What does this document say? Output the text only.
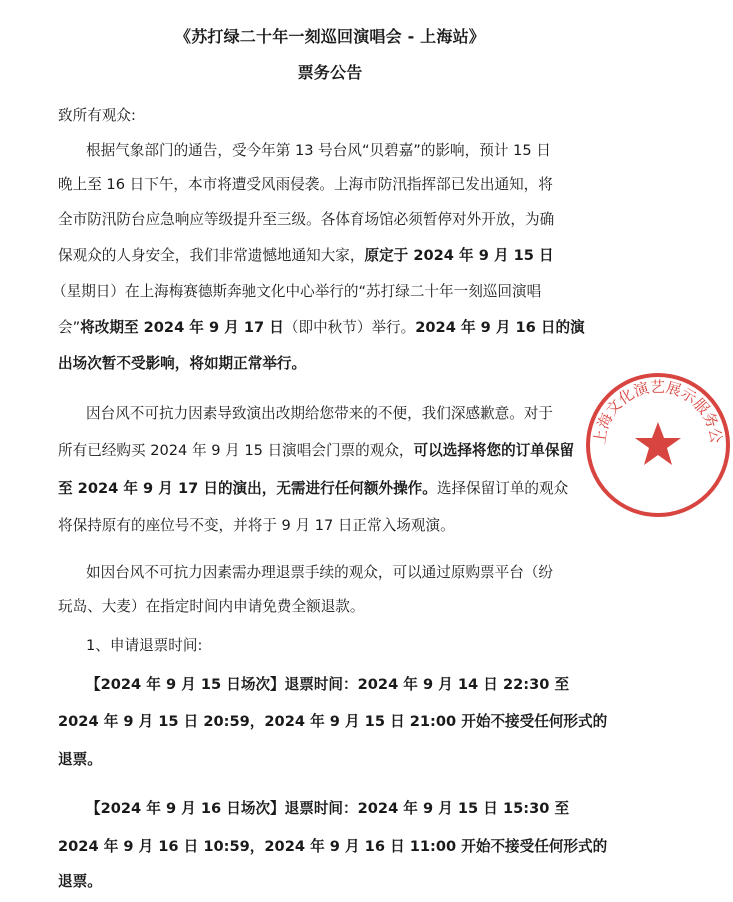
《苏打绿二十年一刻巡回演唱会 - 上海站》
票务公告
致所有观众:
根据气象部门的通告，受今年第 13 号台风“贝碧嘉”的影响，预计 15 日
晚上至 16 日下午，本市将遭受风雨侵袭。上海市防汛指挥部已发出通知，将
全市防汛防台应急响应等级提升至三级。各体育场馆必须暂停对外开放，为确
保观众的人身安全，我们非常遗憾地通知大家，原定于 2024 年 9 月 15 日
（星期日）在上海梅赛德斯奔驰文化中心举行的“苏打绿二十年一刻巡回演唱
会”将改期至 2024 年 9 月 17 日（即中秋节）举行。2024 年 9 月 16 日的演
出场次暂不受影响，将如期正常举行。
因台风不可抗力因素导致演出改期给您带来的不便，我们深感歉意。对于
所有已经购买 2024 年 9 月 15 日演唱会门票的观众，可以选择将您的订单保留
至 2024 年 9 月 17 日的演出，无需进行任何额外操作。选择保留订单的观众
将保持原有的座位号不变，并将于 9 月 17 日正常入场观演。
如因台风不可抗力因素需办理退票手续的观众，可以通过原购票平台（纷
玩岛、大麦）在指定时间内申请免费全额退款。
1、申请退票时间:
【2024 年 9 月 15 日场次】退票时间：2024 年 9 月 14 日 22:30 至
2024 年 9 月 15 日 20:59，2024 年 9 月 15 日 21:00 开始不接受任何形式的
退票。
【2024 年 9 月 16 日场次】退票时间：2024 年 9 月 15 日 15:30 至
2024 年 9 月 16 日 10:59，2024 年 9 月 16 日 11:00 开始不接受任何形式的
退票。
上海文化演艺展示服务公
